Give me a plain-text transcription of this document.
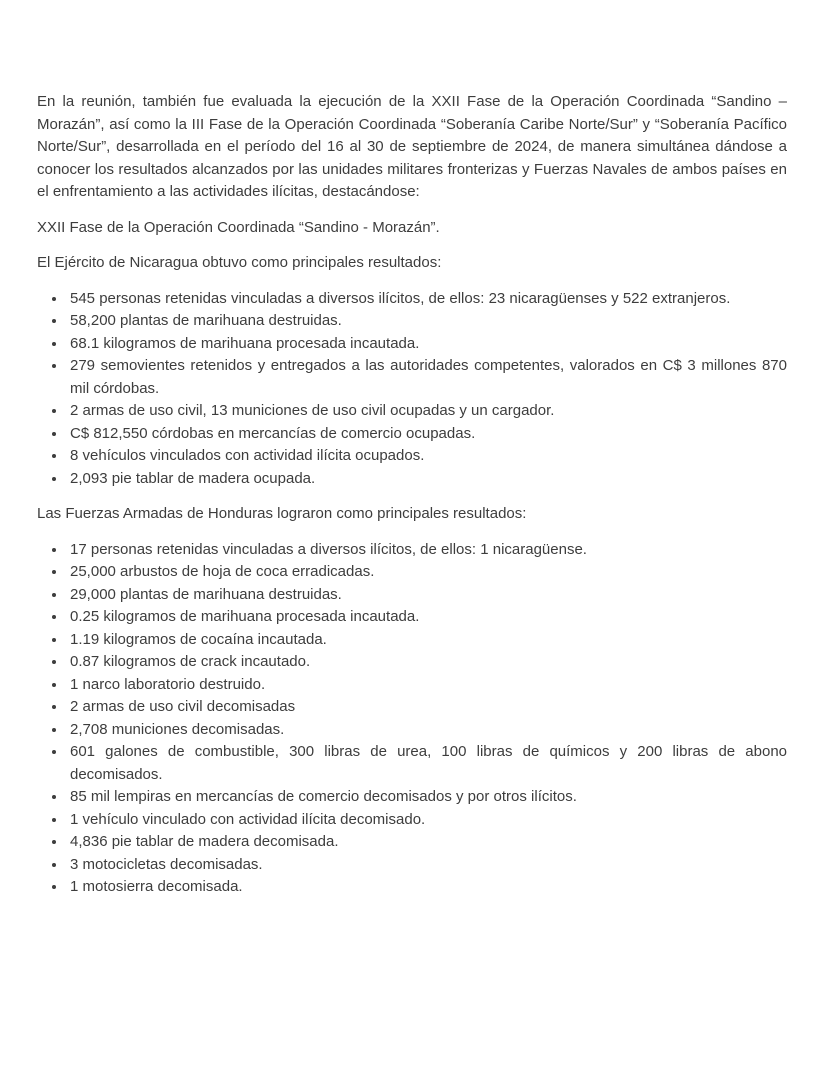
En la reunión, también fue evaluada la ejecución de la XXII Fase de la Operación Coordinada “Sandino – Morazán”, así como la III Fase de la Operación Coordinada “Soberanía Caribe Norte/Sur” y “Soberanía Pacífico Norte/Sur”, desarrollada en el período del 16 al 30 de septiembre de 2024, de manera simultánea dándose a conocer los resultados alcanzados por las unidades militares fronterizas y Fuerzas Navales de ambos países en el enfrentamiento a las actividades ilícitas, destacándose:

XXII Fase de la Operación Coordinada “Sandino - Morazán”.

El Ejército de Nicaragua obtuvo como principales resultados:

• 545 personas retenidas vinculadas a diversos ilícitos, de ellos: 23 nicaragüenses y 522 extranjeros.
• 58,200 plantas de marihuana destruidas.
• 68.1 kilogramos de marihuana procesada incautada.
• 279 semovientes retenidos y entregados a las autoridades competentes, valorados en C$ 3 millones 870 mil córdobas.
• 2 armas de uso civil, 13 municiones de uso civil ocupadas y un cargador.
• C$ 812,550 córdobas en mercancías de comercio ocupadas.
• 8 vehículos vinculados con actividad ilícita ocupados.
• 2,093 pie tablar de madera ocupada.

Las Fuerzas Armadas de Honduras lograron como principales resultados:

• 17 personas retenidas vinculadas a diversos ilícitos, de ellos: 1 nicaragüense.
• 25,000 arbustos de hoja de coca erradicadas.
• 29,000 plantas de marihuana destruidas.
• 0.25 kilogramos de marihuana procesada incautada.
• 1.19 kilogramos de cocaína incautada.
• 0.87 kilogramos de crack incautado.
• 1 narco laboratorio destruido.
• 2 armas de uso civil decomisadas
• 2,708 municiones decomisadas.
• 601 galones de combustible, 300 libras de urea, 100 libras de químicos y 200 libras de abono decomisados.
• 85 mil lempiras en mercancías de comercio decomisados y por otros ilícitos.
• 1 vehículo vinculado con actividad ilícita decomisado.
• 4,836 pie tablar de madera decomisada.
• 3 motocicletas decomisadas.
• 1 motosierra decomisada.
